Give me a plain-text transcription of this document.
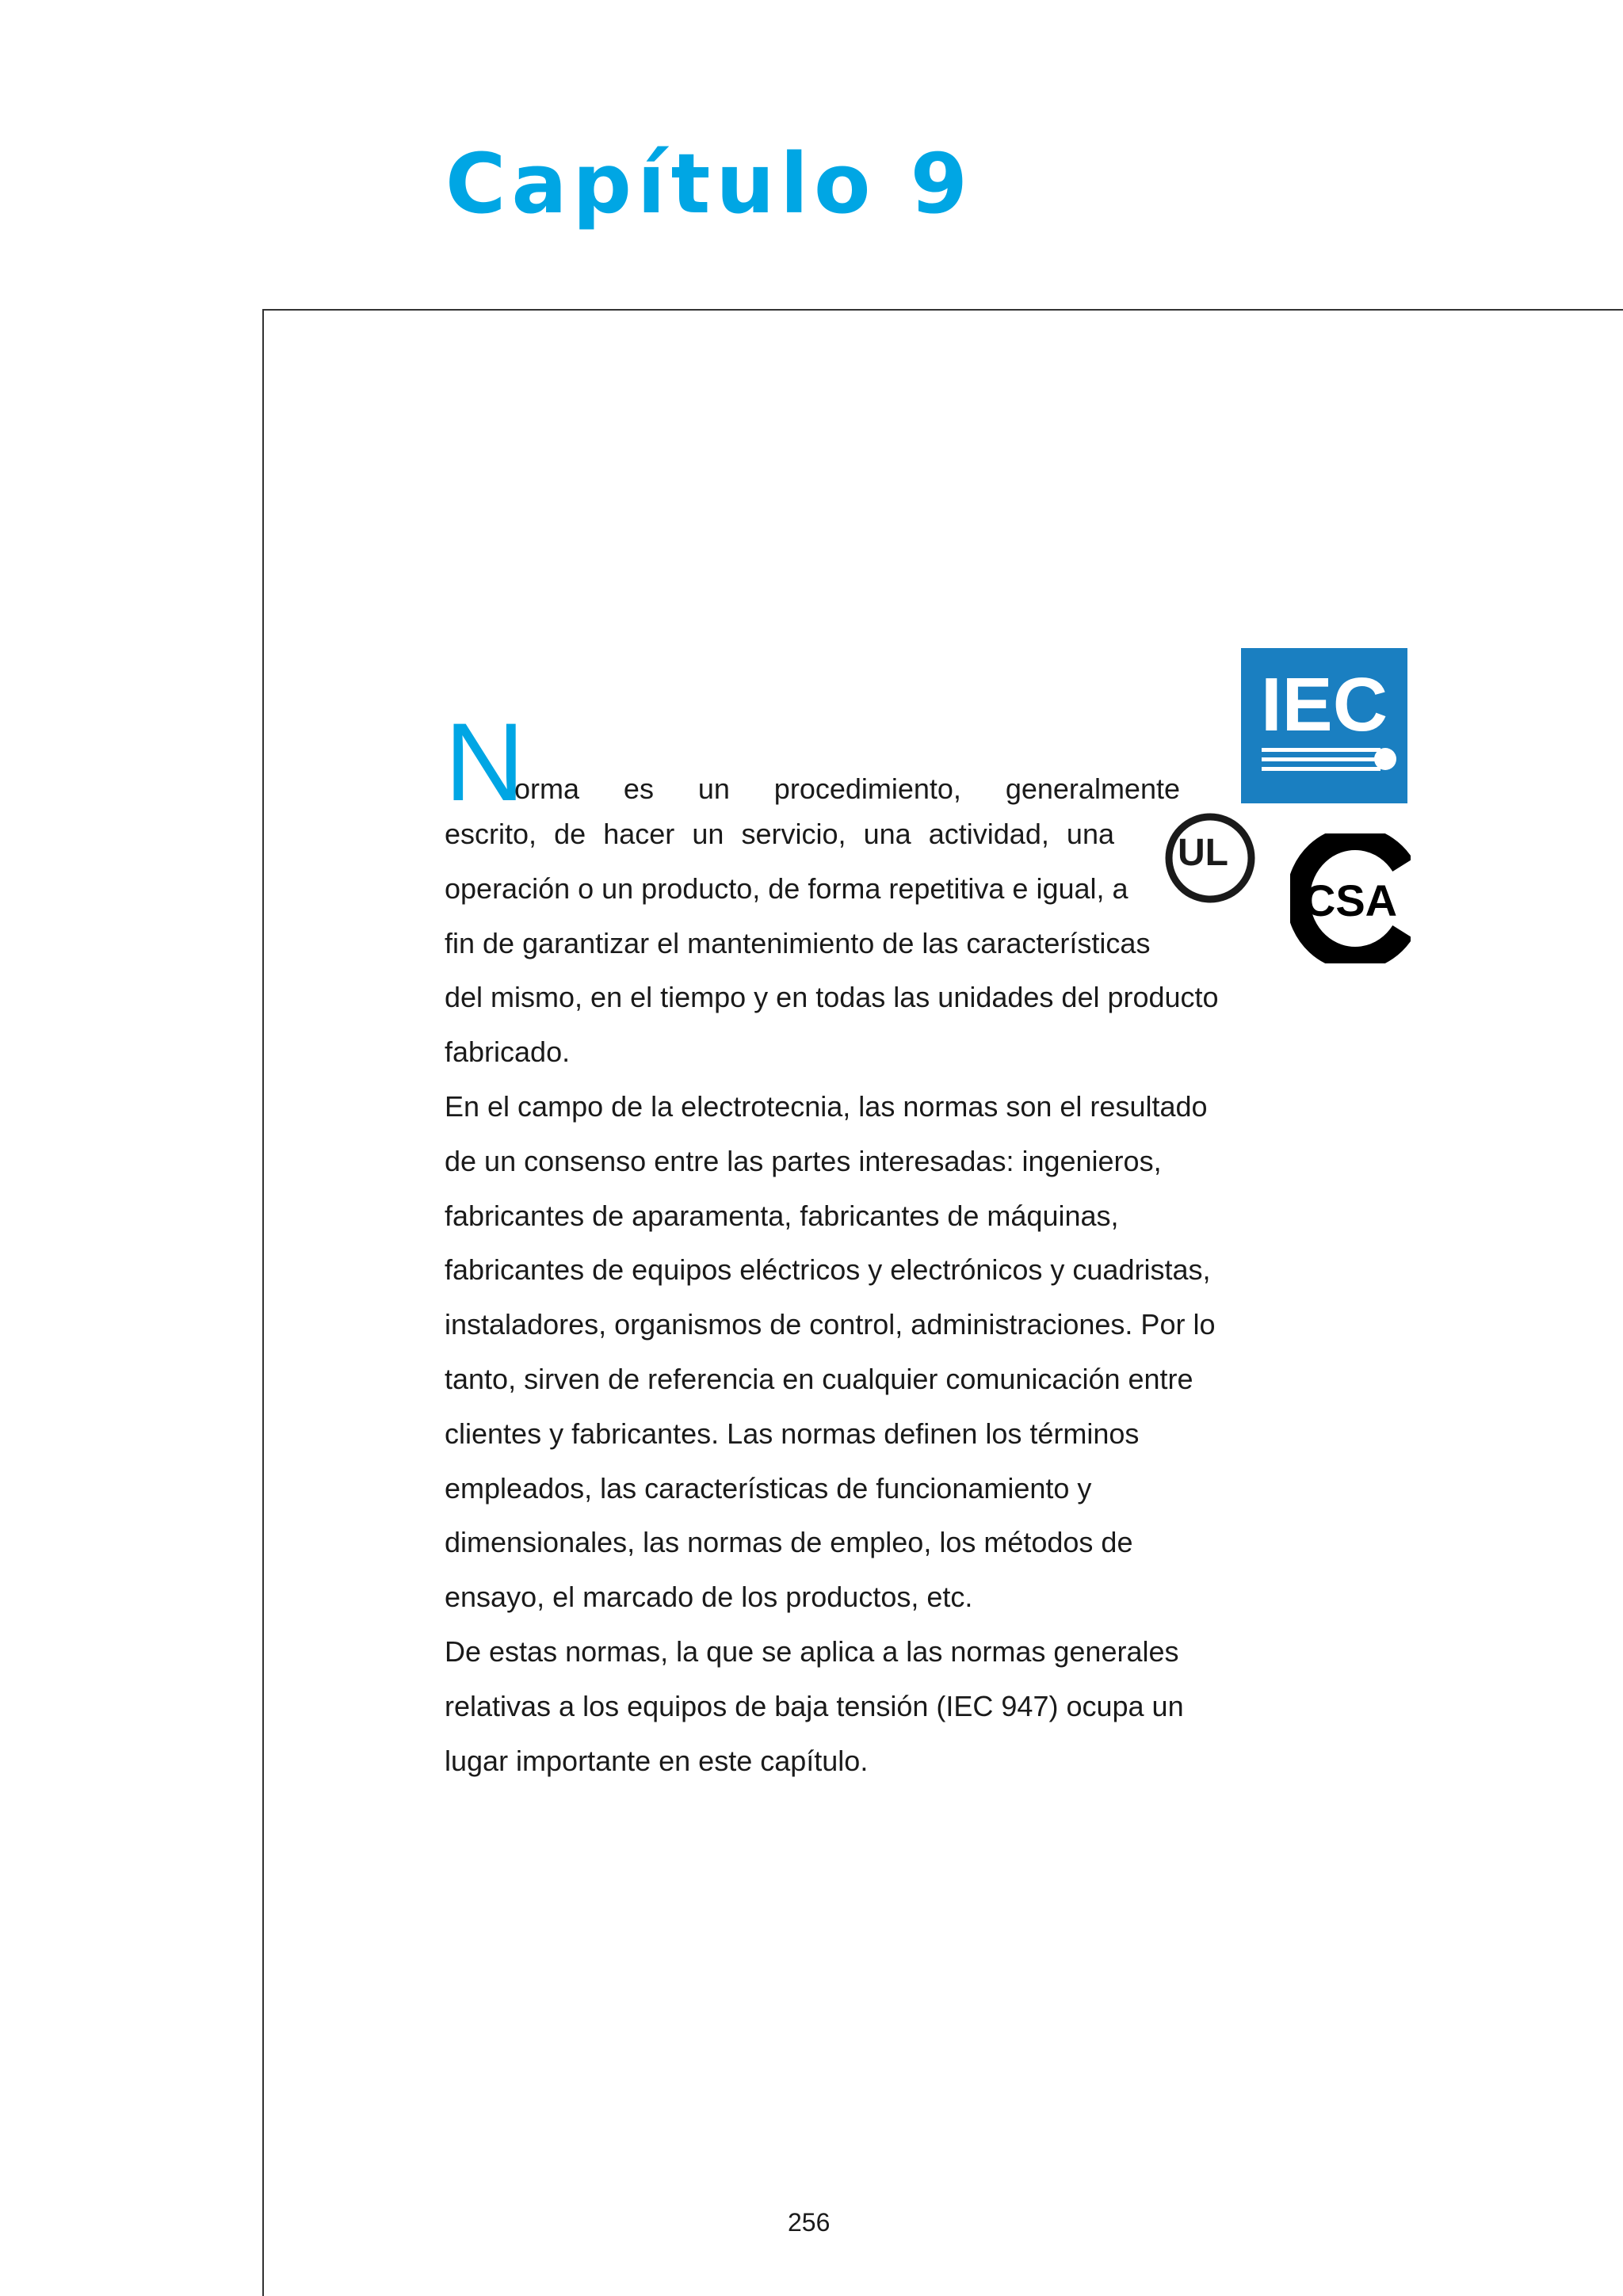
Capítulo 9
IEC
UL
CSA
N
orma es un procedimiento, generalmente
escrito, de hacer un servicio, una actividad, una
operación o un producto, de forma repetitiva e igual, a
fin de garantizar el mantenimiento de las características
del mismo, en el tiempo y en todas las unidades del producto
fabricado.
En el campo de la electrotecnia, las normas son el resultado
de un consenso entre las partes interesadas: ingenieros,
fabricantes de aparamenta, fabricantes de máquinas,
fabricantes de equipos eléctricos y electrónicos y cuadristas,
instaladores, organismos de control, administraciones. Por lo
tanto, sirven de referencia en cualquier comunicación entre
clientes y fabricantes. Las normas definen los términos
empleados, las características de funcionamiento y
dimensionales, las normas de empleo, los métodos de
ensayo, el marcado de los productos, etc.
De estas normas, la que se aplica a las normas generales
relativas a los equipos de baja tensión (IEC 947) ocupa un
lugar importante en este capítulo.
256
